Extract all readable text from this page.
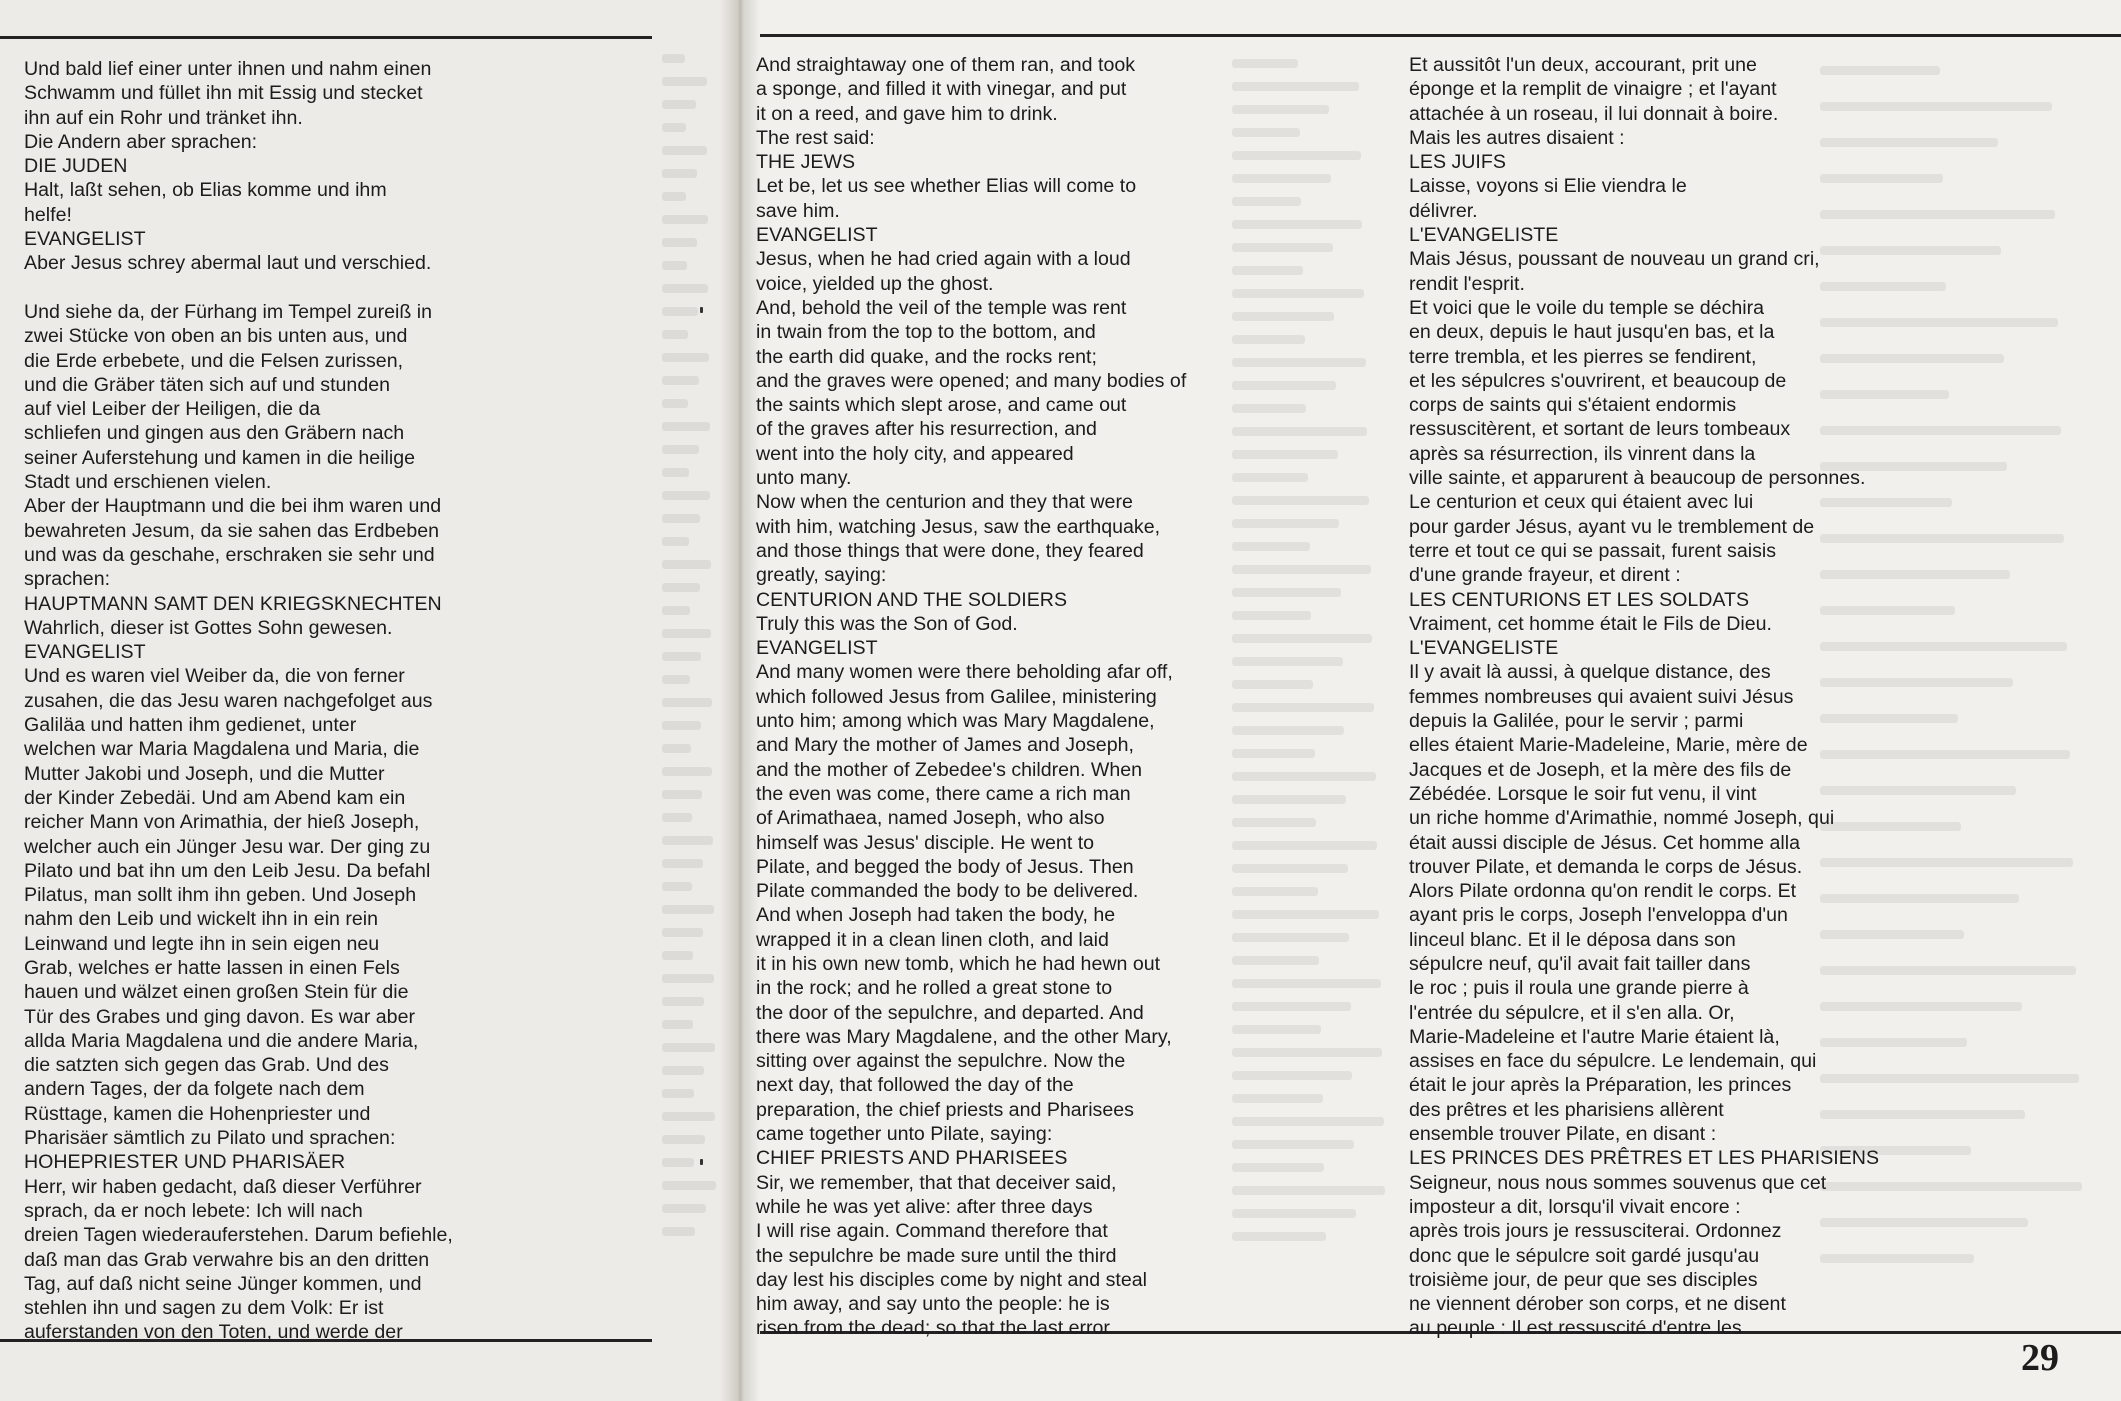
Und bald lief einer unter ihnen und nahm einen
Schwamm und füllet ihn mit Essig und stecket
ihn auf ein Rohr und tränket ihn.
Die Andern aber sprachen:
DIE JUDEN
Halt, laßt sehen, ob Elias komme und ihm
helfe!
EVANGELIST
Aber Jesus schrey abermal laut und verschied.

Und siehe da, der Fürhang im Tempel zureiß in
zwei Stücke von oben an bis unten aus, und
die Erde erbebete, und die Felsen zurissen,
und die Gräber täten sich auf und stunden
auf viel Leiber der Heiligen, die da
schliefen und gingen aus den Gräbern nach
seiner Auferstehung und kamen in die heilige
Stadt und erschienen vielen.
Aber der Hauptmann und die bei ihm waren und
bewahreten Jesum, da sie sahen das Erdbeben
und was da geschahe, erschraken sie sehr und
sprachen:
HAUPTMANN SAMT DEN KRIEGSKNECHTEN
Wahrlich, dieser ist Gottes Sohn gewesen.
EVANGELIST
Und es waren viel Weiber da, die von ferner
zusahen, die das Jesu waren nachgefolget aus
Galiläa und hatten ihm gedienet, unter
welchen war Maria Magdalena und Maria, die
Mutter Jakobi und Joseph, und die Mutter
der Kinder Zebedäi. Und am Abend kam ein
reicher Mann von Arimathia, der hieß Joseph,
welcher auch ein Jünger Jesu war. Der ging zu
Pilato und bat ihn um den Leib Jesu. Da befahl
Pilatus, man sollt ihm ihn geben. Und Joseph
nahm den Leib und wickelt ihn in ein rein
Leinwand und legte ihn in sein eigen neu
Grab, welches er hatte lassen in einen Fels
hauen und wälzet einen großen Stein für die
Tür des Grabes und ging davon. Es war aber
allda Maria Magdalena und die andere Maria,
die satzten sich gegen das Grab. Und des
andern Tages, der da folgete nach dem
Rüsttage, kamen die Hohenpriester und
Pharisäer sämtlich zu Pilato und sprachen:
HOHEPRIESTER UND PHARISÄER
Herr, wir haben gedacht, daß dieser Verführer
sprach, da er noch lebete: Ich will nach
dreien Tagen wiederauferstehen. Darum befiehle,
daß man das Grab verwahre bis an den dritten
Tag, auf daß nicht seine Jünger kommen, und
stehlen ihn und sagen zu dem Volk: Er ist
auferstanden von den Toten, und werde der
And straightaway one of them ran, and took
a sponge, and filled it with vinegar, and put
it on a reed, and gave him to drink.
The rest said:
THE JEWS
Let be, let us see whether Elias will come to
save him.
EVANGELIST
Jesus, when he had cried again with a loud
voice, yielded up the ghost.
And, behold the veil of the temple was rent
in twain from the top to the bottom, and
the earth did quake, and the rocks rent;
and the graves were opened; and many bodies of
the saints which slept arose, and came out
of the graves after his resurrection, and
went into the holy city, and appeared
unto many.
Now when the centurion and they that were
with him, watching Jesus, saw the earthquake,
and those things that were done, they feared
greatly, saying:
CENTURION AND THE SOLDIERS
Truly this was the Son of God.
EVANGELIST
And many women were there beholding afar off,
which followed Jesus from Galilee, ministering
unto him; among which was Mary Magdalene,
and Mary the mother of James and Joseph,
and the mother of Zebedee's children. When
the even was come, there came a rich man
of Arimathaea, named Joseph, who also
himself was Jesus' disciple. He went to
Pilate, and begged the body of Jesus. Then
Pilate commanded the body to be delivered.
And when Joseph had taken the body, he
wrapped it in a clean linen cloth, and laid
it in his own new tomb, which he had hewn out
in the rock; and he rolled a great stone to
the door of the sepulchre, and departed. And
there was Mary Magdalene, and the other Mary,
sitting over against the sepulchre. Now the
next day, that followed the day of the
preparation, the chief priests and Pharisees
came together unto Pilate, saying:
CHIEF PRIESTS AND PHARISEES
Sir, we remember, that that deceiver said,
while he was yet alive: after three days
I will rise again. Command therefore that
the sepulchre be made sure until the third
day lest his disciples come by night and steal
him away, and say unto the people: he is
risen from the dead; so that the last error
Et aussitôt l'un deux, accourant, prit une
éponge et la remplit de vinaigre ; et l'ayant
attachée à un roseau, il lui donnait à boire.
Mais les autres disaient :
LES JUIFS
Laisse, voyons si Elie viendra le
délivrer.
L'EVANGELISTE
Mais Jésus, poussant de nouveau un grand cri,
rendit l'esprit.
Et voici que le voile du temple se déchira
en deux, depuis le haut jusqu'en bas, et la
terre trembla, et les pierres se fendirent,
et les sépulcres s'ouvrirent, et beaucoup de
corps de saints qui s'étaient endormis
ressuscitèrent, et sortant de leurs tombeaux
après sa résurrection, ils vinrent dans la
ville sainte, et apparurent à beaucoup de personnes.
Le centurion et ceux qui étaient avec lui
pour garder Jésus, ayant vu le tremblement de
terre et tout ce qui se passait, furent saisis
d'une grande frayeur, et dirent :
LES CENTURIONS ET LES SOLDATS
Vraiment, cet homme était le Fils de Dieu.
L'EVANGELISTE
Il y avait là aussi, à quelque distance, des
femmes nombreuses qui avaient suivi Jésus
depuis la Galilée, pour le servir ; parmi
elles étaient Marie-Madeleine, Marie, mère de
Jacques et de Joseph, et la mère des fils de
Zébédée. Lorsque le soir fut venu, il vint
un riche homme d'Arimathie, nommé Joseph, qui
était aussi disciple de Jésus. Cet homme alla
trouver Pilate, et demanda le corps de Jésus.
Alors Pilate ordonna qu'on rendit le corps. Et
ayant pris le corps, Joseph l'enveloppa d'un
linceul blanc. Et il le déposa dans son
sépulcre neuf, qu'il avait fait tailler dans
le roc ; puis il roula une grande pierre à
l'entrée du sépulcre, et il s'en alla. Or,
Marie-Madeleine et l'autre Marie étaient là,
assises en face du sépulcre. Le lendemain, qui
était le jour après la Préparation, les princes
des prêtres et les pharisiens allèrent
ensemble trouver Pilate, en disant :
LES PRINCES DES PRÊTRES ET LES PHARISIENS
Seigneur, nous nous sommes souvenus que cet
imposteur a dit, lorsqu'il vivait encore :
après trois jours je ressusciterai. Ordonnez
donc que le sépulcre soit gardé jusqu'au
troisième jour, de peur que ses disciples
ne viennent dérober son corps, et ne disent
au peuple : Il est ressuscité d'entre les
29
